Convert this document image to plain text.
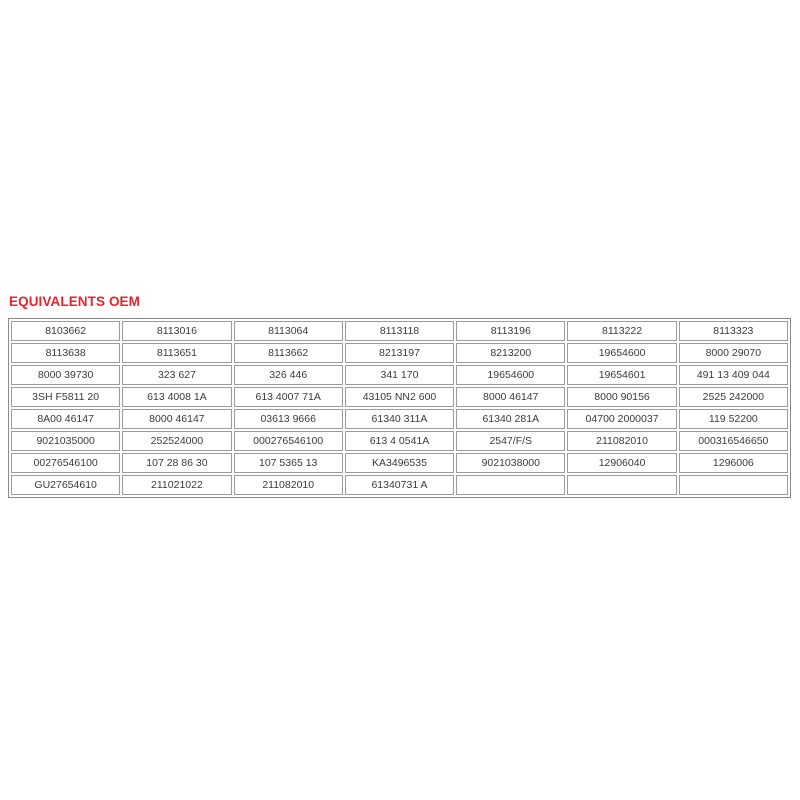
EQUIVALENTS OEM
8103662	8113016	8113064	8113118	8113196	8113222	8113323
8113638	8113651	8113662	8213197	8213200	19654600	8000 29070
8000 39730	323 627	326 446	341 170	19654600	19654601	491 13 409 044
3SH F5811 20	613 4008 1A	613 4007 71A	43105 NN2 600	8000 46147	8000 90156	2525 242000
8A00 46147	8000 46147	03613 9666	61340 311A	61340 281A	04700 2000037	119 52200
9021035000	252524000	000276546100	613 4 0541A	2547/F/S	211082010	000316546650
00276546100	107 28 86 30	107 5365 13	KA3496535	9021038000	12906040	1296006
GU27654610	211021022	211082010	61340731 A			
